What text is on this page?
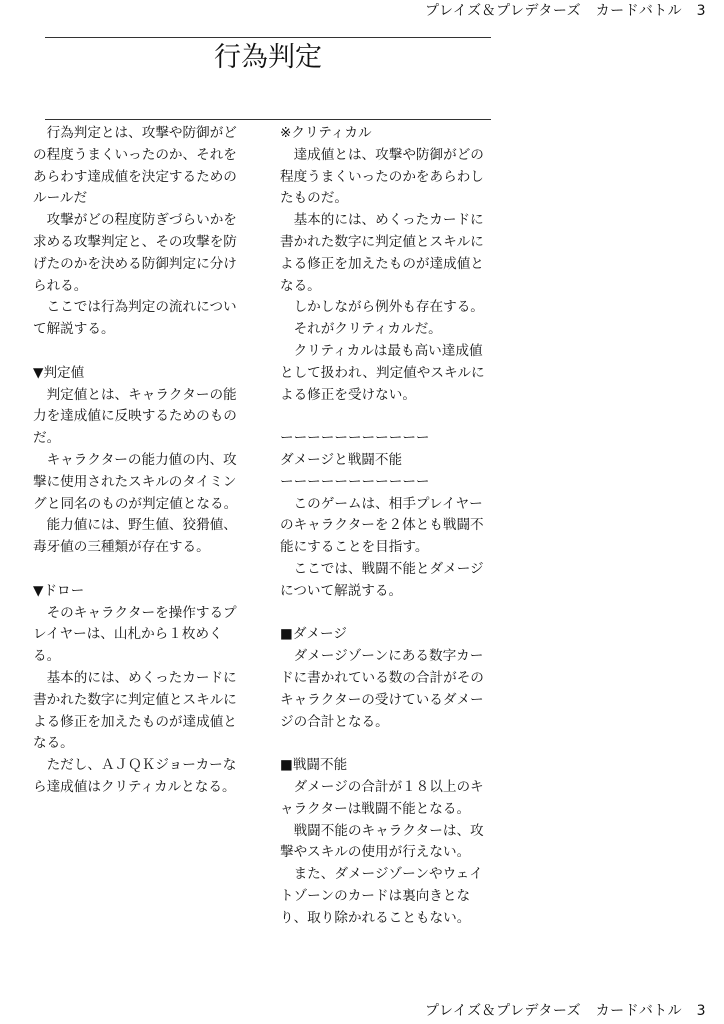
プレイズ＆プレデターズ　カードバトル　3
行為判定
　行為判定とは、攻撃や防御がど
の程度うまくいったのか、それを
あらわす達成値を決定するための
ルールだ
　攻撃がどの程度防ぎづらいかを
求める攻撃判定と、その攻撃を防
げたのかを決める防御判定に分け
られる。
　ここでは行為判定の流れについ
て解説する。
▼判定値
　判定値とは、キャラクターの能
力を達成値に反映するためのもの
だ。
　キャラクターの能力値の内、攻
撃に使用されたスキルのタイミン
グと同名のものが判定値となる。
　能力値には、野生値、狡猾値、
毒牙値の三種類が存在する。
▼ドロー
　そのキャラクターを操作するプ
レイヤーは、山札から１枚めく
る。
　基本的には、めくったカードに
書かれた数字に判定値とスキルに
よる修正を加えたものが達成値と
なる。
　ただし、ＡＪＱＫジョーカーな
ら達成値はクリティカルとなる。
※クリティカル
　達成値とは、攻撃や防御がどの
程度うまくいったのかをあらわし
たものだ。
　基本的には、めくったカードに
書かれた数字に判定値とスキルに
よる修正を加えたものが達成値と
なる。
　しかしながら例外も存在する。
　それがクリティカルだ。
　クリティカルは最も高い達成値
として扱われ、判定値やスキルに
よる修正を受けない。
ーーーーーーーーーーー
ダメージと戦闘不能
ーーーーーーーーーーー
　このゲームは、相手プレイヤー
のキャラクターを２体とも戦闘不
能にすることを目指す。
　ここでは、戦闘不能とダメージ
について解説する。
■ダメージ
　ダメージゾーンにある数字カー
ドに書かれている数の合計がその
キャラクターの受けているダメー
ジの合計となる。
■戦闘不能
　ダメージの合計が１８以上のキ
ャラクターは戦闘不能となる。
　戦闘不能のキャラクターは、攻
撃やスキルの使用が行えない。
　また、ダメージゾーンやウェイ
トゾーンのカードは裏向きとな
り、取り除かれることもない。
プレイズ＆プレデターズ　カードバトル　3
